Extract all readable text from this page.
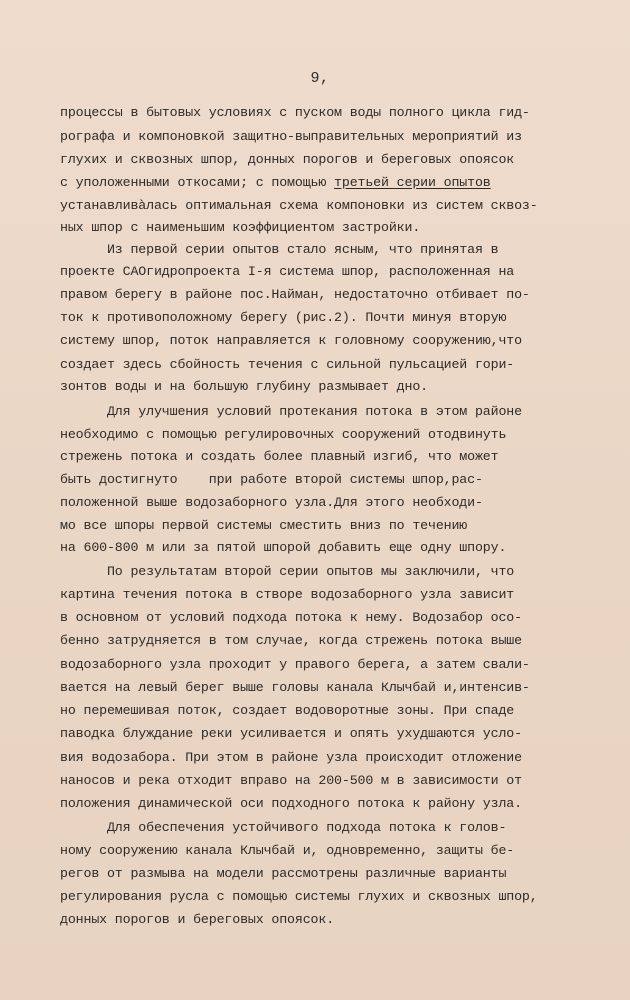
9,
процессы в бытовых условиях с пуском воды полного цикла гид-
рографа и компоновкой защитно-выправительных мероприятий из
глухих и сквозных шпор, донных порогов и береговых опоясок
с уположенными откосами; с помощью третьей серии опытов
устанавливàлась оптимальная схема компоновки из систем сквоз-
ных шпор с наименьшим коэффициентом застройки.
Из первой серии опытов стало ясным, что принятая в
проекте САОгидропроекта I-я система шпор, расположенная на
правом берегу в районе пос.Найман, недостаточно отбивает по-
ток к противоположному берегу (рис.2). Почти минуя вторую
систему шпор, поток направляется к головному сооружению,что
создает здесь сбойность течения с сильной пульсацией гори-
зонтов воды и на большую глубину размывает дно.
Для улучшения условий протекания потока в этом районе
необходимо с помощью регулировочных сооружений отодвинуть
стрежень потока и создать более плавный изгиб, что может
быть достигнуто    при работе второй системы шпор,рас-
положенной выше водозаборного узла.Для этого необходи-
мо все шпоры первой системы сместить вниз по течению
на 600-800 м или за пятой шпорой добавить еще одну шпору.
По результатам второй серии опытов мы заключили, что
картина течения потока в створе водозаборного узла зависит
в основном от условий подхода потока к нему. Водозабор осо-
бенно затрудняется в том случае, когда стрежень потока выше
водозаборного узла проходит у правого берега, а затем свали-
вается на левый берег выше головы канала Клычбай и,интенсив-
но перемешивая поток, создает водоворотные зоны. При спаде
паводка блуждание реки усиливается и опять ухудшаются усло-
вия водозабора. При этом в районе узла происходит отложение
наносов и река отходит вправо на 200-500 м в зависимости от
положения динамической оси подходного потока к району узла.
Для обеспечения устойчивого подхода потока к голов-
ному сооружению канала Клычбай и, одновременно, защиты бе-
регов от размыва на модели рассмотрены различные варианты
регулирования русла с помощью системы глухих и сквозных шпор,
донных порогов и береговых опоясок.
